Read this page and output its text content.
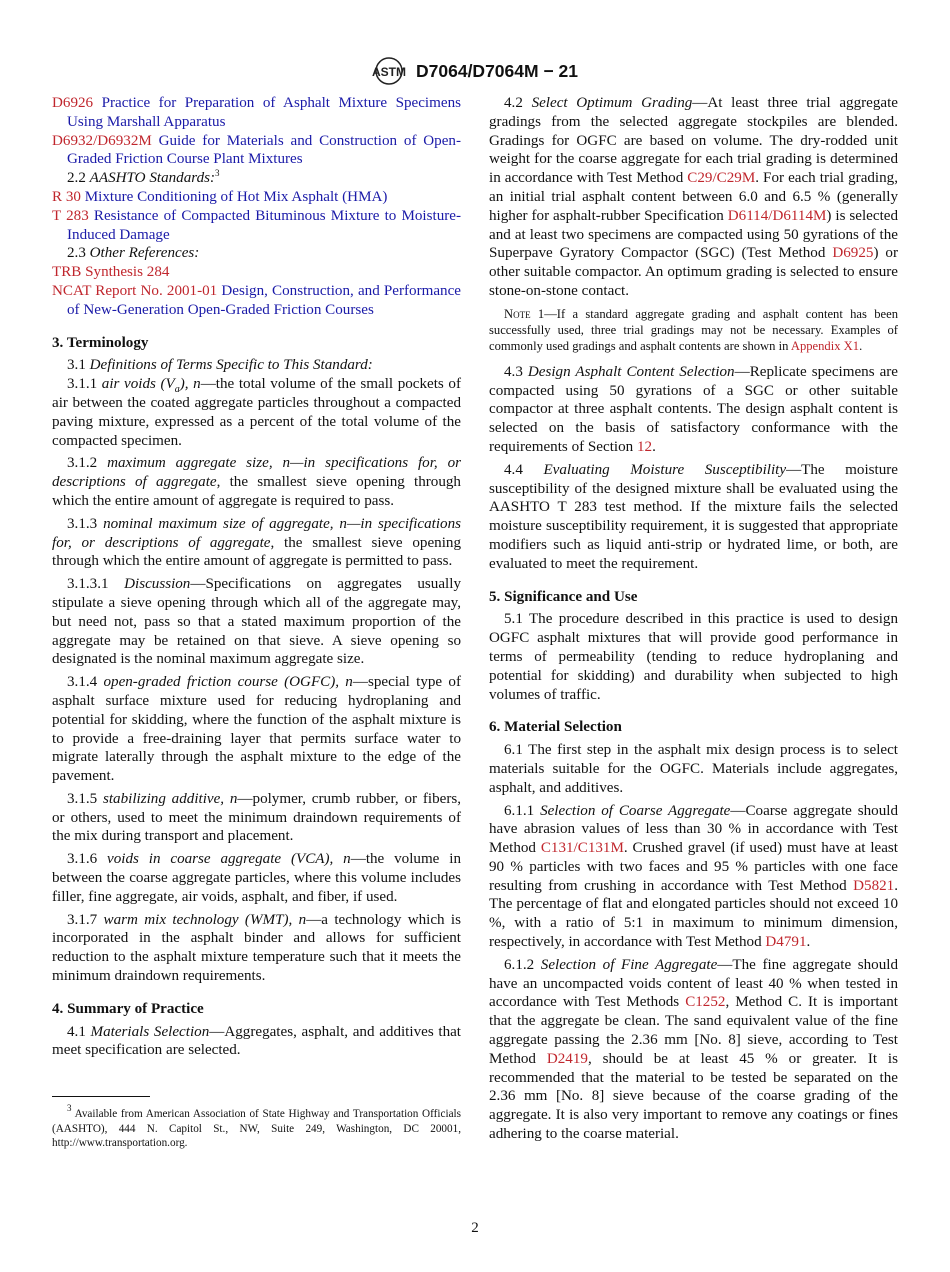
ASTM D7064/D7064M − 21

D6926 Practice for Preparation of Asphalt Mixture Specimens Using Marshall Apparatus

D6932/D6932M Guide for Materials and Construction of Open-Graded Friction Course Plant Mixtures

2.2 AASHTO Standards:$^3$

R 30 Mixture Conditioning of Hot Mix Asphalt (HMA)

T 283 Resistance of Compacted Bituminous Mixture to Moisture-Induced Damage

2.3 Other References:

TRB Synthesis 284

NCAT Report No. 2001-01 Design, Construction, and Performance of New-Generation Open-Graded Friction Courses

3. Terminology

3.1 Definitions of Terms Specific to This Standard:

3.1.1 air voids $(V_a)$, n—the total volume of the small pockets of air between the coated aggregate particles throughout a compacted paving mixture, expressed as a percent of the total volume of the compacted specimen.

3.1.2 maximum aggregate size, n—in specifications for, or descriptions of aggregate, the smallest sieve opening through which the entire amount of aggregate is required to pass.

3.1.3 nominal maximum size of aggregate, n—in specifications for, or descriptions of aggregate, the smallest sieve opening through which the entire amount of aggregate is permitted to pass.

3.1.3.1 Discussion—Specifications on aggregates usually stipulate a sieve opening through which all of the aggregate may, but need not, pass so that a stated maximum proportion of the aggregate may be retained on that sieve. A sieve opening so designated is the nominal maximum aggregate size.

3.1.4 open-graded friction course (OGFC), n—special type of asphalt surface mixture used for reducing hydroplaning and potential for skidding, where the function of the asphalt mixture is to provide a free-draining layer that permits surface water to migrate laterally through the asphalt mixture to the edge of the pavement.

3.1.5 stabilizing additive, n—polymer, crumb rubber, or fibers, or others, used to meet the minimum draindown requirements of the mix during transport and placement.

3.1.6 voids in coarse aggregate (VCA), n—the volume in between the coarse aggregate particles, where this volume includes filler, fine aggregate, air voids, asphalt, and fiber, if used.

3.1.7 warm mix technology (WMT), n—a technology which is incorporated in the asphalt binder and allows for sufficient reduction to the asphalt mixture temperature such that it meets the minimum draindown requirements.

4. Summary of Practice

4.1 Materials Selection—Aggregates, asphalt, and additives that meet specification are selected.

$^3$ Available from American Association of State Highway and Transportation Officials (AASHTO), 444 N. Capitol St., NW, Suite 249, Washington, DC 20001, http://www.transportation.org.

4.2 Select Optimum Grading—At least three trial aggregate gradings from the selected aggregate stockpiles are blended. Gradings for OGFC are based on volume. The dry-rodded unit weight for the coarse aggregate for each trial grading is determined in accordance with Test Method C29/C29M. For each trial grading, an initial trial asphalt content between 6.0 and 6.5 % (generally higher for asphalt-rubber Specification D6114/D6114M) is selected and at least two specimens are compacted using 50 gyrations of the Superpave Gyratory Compactor (SGC) (Test Method D6925) or other suitable compactor. An optimum grading is selected to ensure stone-on-stone contact.

Note 1—If a standard aggregate grading and asphalt content has been successfully used, three trial gradings may not be necessary. Examples of commonly used gradings and asphalt contents are shown in Appendix X1.

4.3 Design Asphalt Content Selection—Replicate specimens are compacted using 50 gyrations of a SGC or other suitable compactor at three asphalt contents. The design asphalt content is selected on the basis of satisfactory conformance with the requirements of Section 12.

4.4 Evaluating Moisture Susceptibility—The moisture susceptibility of the designed mixture shall be evaluated using the AASHTO T 283 test method. If the mixture fails the selected moisture susceptibility requirement, it is suggested that appropriate modifiers such as liquid anti-strip or hydrated lime, or both, are evaluated to meet the requirement.

5. Significance and Use

5.1 The procedure described in this practice is used to design OGFC asphalt mixtures that will provide good performance in terms of permeability (tending to reduce hydroplaning and potential for skidding) and durability when subjected to high volumes of traffic.

6. Material Selection

6.1 The first step in the asphalt mix design process is to select materials suitable for the OGFC. Materials include aggregates, asphalt, and additives.

6.1.1 Selection of Coarse Aggregate—Coarse aggregate should have abrasion values of less than 30 % in accordance with Test Method C131/C131M. Crushed gravel (if used) must have at least 90 % particles with two faces and 95 % particles with one face resulting from crushing in accordance with Test Method D5821. The percentage of flat and elongated particles should not exceed 10 %, with a ratio of 5:1 in maximum to minimum dimension, respectively, in accordance with Test Method D4791.

6.1.2 Selection of Fine Aggregate—The fine aggregate should have an uncompacted voids content of least 40 % when tested in accordance with Test Methods C1252, Method C. It is important that the aggregate be clean. The sand equivalent value of the fine aggregate passing the 2.36 mm [No. 8] sieve, according to Test Method D2419, should be at least 45 % or greater. It is recommended that the material to be tested be separated on the 2.36 mm [No. 8] sieve because of the coarse grading of the aggregate. It is also very important to remove any coatings or fines adhering to the coarse material.

2
